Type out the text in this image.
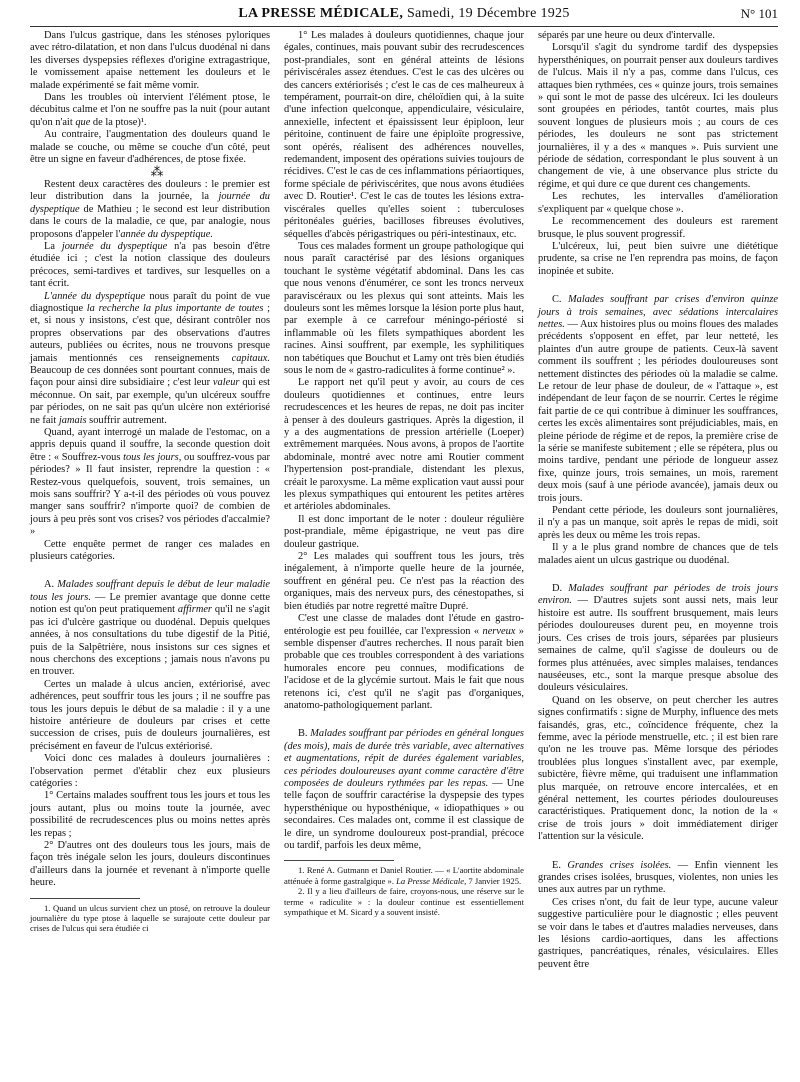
LA PRESSE MÉDICALE, Samedi, 19 Décembre 1925	N° 101

Dans l'ulcus gastrique, dans les sténoses pyloriques avec rétro-dilatation, et non dans l'ulcus duodénal ni dans les diverses dyspepsies réflexes d'origine extragastrique, le vomissement apaise nettement les douleurs et le malade expérimenté se fait même vomir.

Dans les troubles où intervient l'élément ptose, le décubitus calme et l'on ne souffre pas la nuit (pour autant qu'on n'ait que de la ptose)¹.

Au contraire, l'augmentation des douleurs quand le malade se couche, ou même se couche d'un côté, peut être un signe en faveur d'adhérences, de ptose fixée.

⁂

Restent deux caractères des douleurs : le premier est leur distribution dans la journée, la journée du dyspeptique de Mathieu ; le second est leur distribution dans le cours de la maladie, ce que, par analogie, nous proposons d'appeler l'année du dyspeptique.

La journée du dyspeptique n'a pas besoin d'être étudiée ici ; c'est la notion classique des douleurs précoces, semi-tardives et tardives, sur lesquelles on a tant écrit.

L'année du dyspeptique nous paraît du point de vue diagnostique la recherche la plus importante de toutes ; et, si nous y insistons, c'est que, désirant contrôler nos propres observations par des observations d'autres auteurs, publiées ou écrites, nous ne trouvons presque jamais mentionnés ces renseignements capitaux. Beaucoup de ces données sont pourtant connues, mais de façon pour ainsi dire subsidiaire ; c'est leur valeur qui est méconnue. On sait, par exemple, qu'un ulcéreux souffre par périodes, on ne sait pas qu'un ulcère non extériorisé ne fait jamais souffrir autrement.

Quand, ayant interrogé un malade de l'estomac, on a appris depuis quand il souffre, la seconde question doit être : « Souffrez-vous tous les jours, ou souffrez-vous par périodes? » Il faut insister, reprendre la question : « Restez-vous quelquefois, souvent, trois semaines, un mois sans souffrir? Y a-t-il des périodes où vous pouvez manger sans souffrir? n'importe quoi? de combien de jours à peu près sont vos crises? vos périodes d'accalmie? »

Cette enquête permet de ranger ces malades en plusieurs catégories.

A. Malades souffrant depuis le début de leur maladie tous les jours. — Le premier avantage que donne cette notion est qu'on peut pratiquement affirmer qu'il ne s'agit pas ici d'ulcère gastrique ou duodénal. Depuis quelques années, à nos consultations du tube digestif de la Pitié, puis de la Salpêtrière, nous insistons sur ces signes et nous cherchons des exceptions ; jamais nous n'avons pu en trouver.

Certes un malade à ulcus ancien, extériorisé, avec adhérences, peut souffrir tous les jours ; il ne souffre pas tous les jours depuis le début de sa maladie : il y a une histoire antérieure de douleurs par crises et cette succession de crises, puis de douleurs journalières, est précisément en faveur de l'ulcus extériorisé.

Voici donc ces malades à douleurs journalières : l'observation permet d'établir chez eux plusieurs catégories :

1° Certains malades souffrent tous les jours et tous les jours autant, plus ou moins toute la journée, avec possibilité de recrudescences plus ou moins nettes après les repas ;

2° D'autres ont des douleurs tous les jours, mais de façon très inégale selon les jours, douleurs discontinues d'ailleurs dans la journée et revenant à n'importe quelle heure.

1. Quand un ulcus survient chez un ptosé, on retrouve la douleur journalière du type ptose à laquelle se surajoute cette douleur par crises de l'ulcus qui sera étudiée ci

1° Les malades à douleurs quotidiennes, chaque jour égales, continues, mais pouvant subir des recrudescences post-prandiales, sont en général atteints de lésions périviscérales assez étendues. C'est le cas des ulcères ou des cancers extériorisés ; c'est le cas de ces malheureux à tempérament, pourrait-on dire, chéloïdien qui, à la suite d'une infection quelconque, appendiculaire, vésiculaire, annexielle, infectent et épaississent leur épiploon, leur péritoine, continuent de faire une épiploïte progressive, sont opérés, réalisent des adhérences nouvelles, redemandent, imposent des opérations suivies toujours de récidives. C'est le cas de ces inflammations périaortiques, forme spéciale de périviscérites, que nous avons étudiées avec D. Routier¹. C'est le cas de toutes les lésions extra-viscérales quelles qu'elles soient : tuberculoses péritonéales guéries, bacilloses fibreuses évolutives, séquelles d'abcès périgastriques ou péri-intestinaux, etc.

Tous ces malades forment un groupe pathologique qui nous paraît caractérisé par des lésions organiques touchant le système végétatif abdominal. Dans les cas que nous venons d'énumérer, ce sont les troncs nerveux paraviscéraux ou les plexus qui sont atteints. Mais les douleurs sont les mêmes lorsque la lésion porte plus haut, par exemple à ce carrefour méningo-périosté si inflammable où les filets sympathiques abordent les racines. Ainsi souffrent, par exemple, les syphilitiques non tabétiques que Bouchut et Lamy ont très bien étudiés sous le nom de « gastro-radiculites à forme continue² ».

Le rapport net qu'il peut y avoir, au cours de ces douleurs quotidiennes et continues, entre leurs recrudescences et les heures de repas, ne doit pas inciter à penser à des douleurs gastriques. Après la digestion, il y a des augmentations de pression artérielle (Loeper) extrêmement marquées. Nous avons, à propos de l'aortite abdominale, montré avec notre ami Routier comment l'hypertension post-prandiale, distendant les plexus, créait le paroxysme. La même explication vaut aussi pour les plexus sympathiques qui entourent les petites artères et artérioles abdominales.

Il est donc important de le noter : douleur régulière post-prandiale, même épigastrique, ne veut pas dire douleur gastrique.

2° Les malades qui souffrent tous les jours, très inégalement, à n'importe quelle heure de la journée, souffrent en général peu. Ce n'est pas la réaction des organiques, mais des nerveux purs, des cénestopathes, si bien étudiés par notre regretté maître Dupré.

C'est une classe de malades dont l'étude en gastro-entérologie est peu fouillée, car l'expression « nerveux » semble dispenser d'autres recherches. Il nous paraît bien probable que ces troubles correspondent à des variations humorales encore peu connues, modifications de l'acidose et de la glycémie surtout. Mais le fait que nous retenons ici, c'est qu'il ne s'agit pas d'organiques, anatomo-pathologiquement parlant.

B. Malades souffrant par périodes en général longues (des mois), mais de durée très variable, avec alternatives et augmentations, répit de durées également variables, ces périodes douloureuses ayant comme caractère d'être composées de douleurs rythmées par les repas. — Une telle façon de souffrir caractérise la dyspepsie des types hypersthénique ou hyposthénique, « idiopathiques » ou secondaires. Ces malades ont, comme il est classique de le dire, un syndrome douloureux post-prandial, précoce ou tardif, parfois les deux même,

1. René A. Gutmann et Daniel Routier. — « L'aortite abdominale atténuée à forme gastralgique ». La Presse Médicale, 7 Janvier 1925.

2. Il y a lieu d'ailleurs de faire, croyons-nous, une réserve sur le terme « radiculite » : la douleur continue est essentiellement sympathique et M. Sicard y a souvent insisté.

séparés par une heure ou deux d'intervalle.

Lorsqu'il s'agit du syndrome tardif des dyspepsies hypersthéniques, on pourrait penser aux douleurs tardives de l'ulcus. Mais il n'y a pas, comme dans l'ulcus, ces attaques bien rythmées, ces « quinze jours, trois semaines » qui sont le mot de passe des ulcéreux. Ici les douleurs sont groupées en périodes, tantôt courtes, mais plus souvent longues de plusieurs mois ; au cours de ces périodes, les douleurs ne sont pas strictement journalières, il y a des « manques ». Puis survient une période de sédation, correspondant le plus souvent à un changement de vie, à une observance plus stricte du régime, et qui dure ce que durent ces changements.

Les rechutes, les intervalles d'amélioration s'expliquent par « quelque chose ».

Le recommencement des douleurs est rarement brusque, le plus souvent progressif.

L'ulcéreux, lui, peut bien suivre une diététique prudente, sa crise ne l'en reprendra pas moins, de façon inopinée et subite.

C. Malades souffrant par crises d'environ quinze jours à trois semaines, avec sédations intercalaires nettes. — Aux histoires plus ou moins floues des malades précédents s'opposent en effet, par leur netteté, les plaintes d'un autre groupe de patients. Ceux-là savent comment ils souffrent ; les périodes douloureuses sont nettement distinctes des périodes où la maladie se calme. Le retour de leur phase de douleur, de « l'attaque », est indépendant de leur façon de se nourrir. Certes le régime fait partie de ce qui contribue à diminuer les souffrances, certes les excès alimentaires sont préjudiciables, mais, en pleine période de régime et de repos, la première crise de la série se manifeste subitement ; elle se répétera, plus ou moins tardive, pendant une période de longueur assez fixe, quinze jours, trois semaines, un mois, rarement deux mois (sauf à une période avancée), jamais deux ou trois jours.

Pendant cette période, les douleurs sont journalières, il n'y a pas un manque, soit après le repas de midi, soit après les deux ou même les trois repas.

Il y a le plus grand nombre de chances que de tels malades aient un ulcus gastrique ou duodénal.

D. Malades souffrant par périodes de trois jours environ. — D'autres sujets sont aussi nets, mais leur histoire est autre. Ils souffrent brusquement, mais leurs périodes douloureuses durent peu, en moyenne trois jours. Ces crises de trois jours, séparées par plusieurs semaines de calme, qu'il s'agisse de douleurs ou de formes plus atténuées, avec simples malaises, tendances nauséeuses, etc., sont la marque presque absolue des douleurs vésiculaires.

Quand on les observe, on peut chercher les autres signes confirmatifs : signe de Murphy, influence des mets faisandés, gras, etc., coïncidence fréquente, chez la femme, avec la période menstruelle, etc. ; il est bien rare qu'on ne les trouve pas. Même lorsque des périodes troublées plus longues s'installent avec, par exemple, subictère, fièvre même, qui traduisent une inflammation plus marquée, on retrouve encore intercalées, et en général nettement, les courtes périodes douloureuses caractéristiques. Pratiquement donc, la notion de la « crise de trois jours » doit immédiatement diriger l'attention sur la vésicule.

E. Grandes crises isolées. — Enfin viennent les grandes crises isolées, brusques, violentes, non unies les unes aux autres par un rythme.

Ces crises n'ont, du fait de leur type, aucune valeur suggestive particulière pour le diagnostic ; elles peuvent se voir dans le tabes et d'autres maladies nerveuses, dans les lésions cardio-aortiques, dans les affections gastriques, pancréatiques, rénales, vésiculaires. Elles peuvent être
